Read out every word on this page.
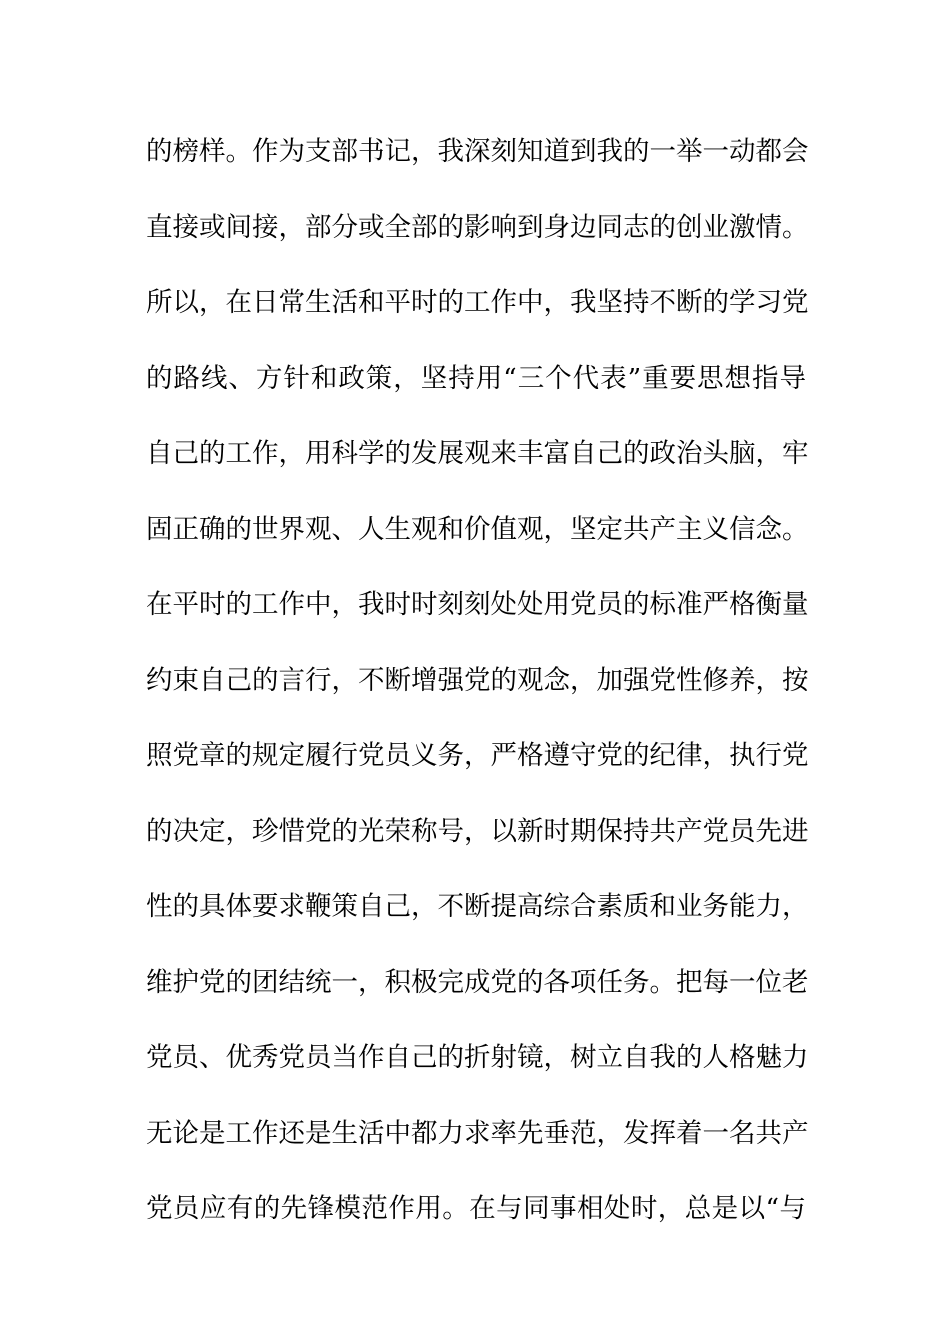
的榜样。作为支部书记，我深刻知道到我的一举一动都会
直接或间接，部分或全部的影响到身边同志的创业激情。
所以，在日常生活和平时的工作中，我坚持不断的学习党
的路线、方针和政策，坚持用“三个代表”重要思想指导
自己的工作，用科学的发展观来丰富自己的政治头脑，牢
固正确的世界观、人生观和价值观，坚定共产主义信念。
在平时的工作中，我时时刻刻处处用党员的标准严格衡量
约束自己的言行，不断增强党的观念，加强党性修养，按
照党章的规定履行党员义务，严格遵守党的纪律，执行党
的决定，珍惜党的光荣称号，以新时期保持共产党员先进
性的具体要求鞭策自己，不断提高综合素质和业务能力，
维护党的团结统一，积极完成党的各项任务。把每一位老
党员、优秀党员当作自己的折射镜，树立自我的人格魅力
无论是工作还是生活中都力求率先垂范，发挥着一名共产
党员应有的先锋模范作用。在与同事相处时，总是以“与
